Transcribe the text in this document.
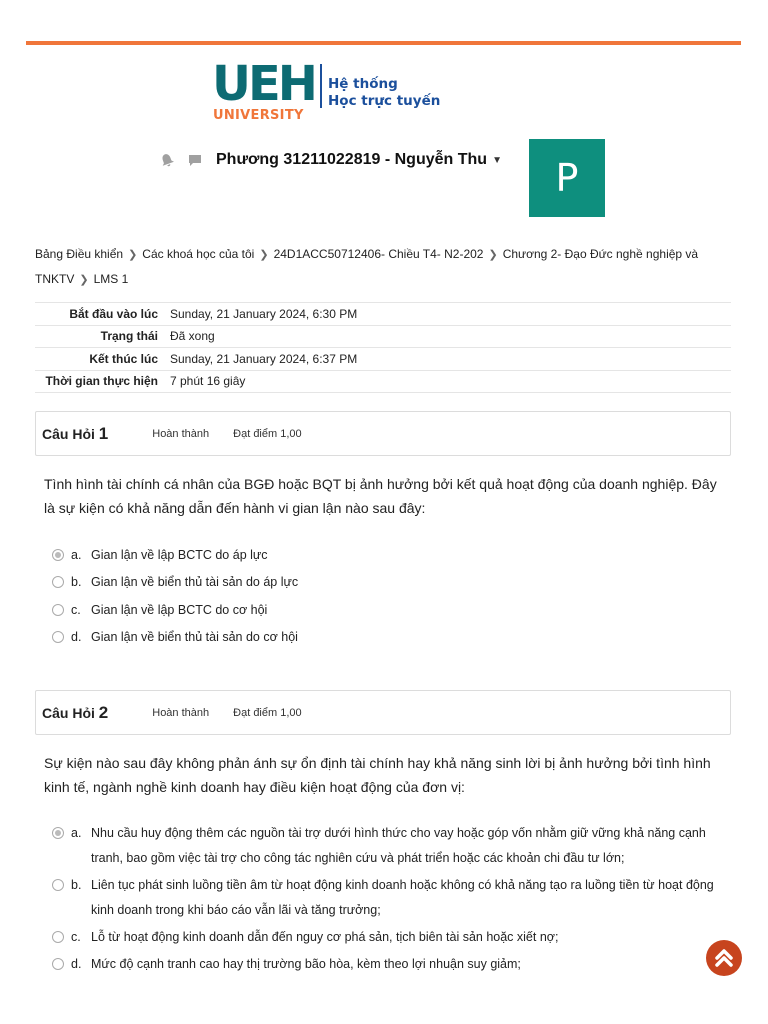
UEH
UNIVERSITY
Hệ thống
Học trực tuyến
Phương 31211022819 - Nguyễn Thu ▼	P
Bảng Điều khiển ❯ Các khoá học của tôi ❯ 24D1ACC50712406- Chiều T4- N2-202 ❯ Chương 2- Đạo Đức nghề nghiệp và TNKTV ❯ LMS 1
Bắt đầu vào lúc	Sunday, 21 January 2024, 6:30 PM
Trạng thái	Đã xong
Kết thúc lúc	Sunday, 21 January 2024, 6:37 PM
Thời gian thực hiện	7 phút 16 giây
Câu Hỏi 1	Hoàn thành Đạt điểm 1,00
Tình hình tài chính cá nhân của BGĐ hoặc BQT bị ảnh hưởng bởi kết quả hoạt động của doanh nghiệp. Đây là sự kiện có khả năng dẫn đến hành vi gian lận nào sau đây:
a. Gian lận về lập BCTC do áp lực
b. Gian lận về biển thủ tài sản do áp lực
c. Gian lận về lập BCTC do cơ hội
d. Gian lận về biển thủ tài sản do cơ hội
Câu Hỏi 2	Hoàn thành Đạt điểm 1,00
Sự kiện nào sau đây không phản ánh sự ổn định tài chính hay khả năng sinh lời bị ảnh hưởng bởi tình hình kinh tế, ngành nghề kinh doanh hay điều kiện hoạt động của đơn vị:
a. Nhu cầu huy động thêm các nguồn tài trợ dưới hình thức cho vay hoặc góp vốn nhằm giữ vững khả năng cạnh tranh, bao gồm việc tài trợ cho công tác nghiên cứu và phát triển hoặc các khoản chi đầu tư lớn;
b. Liên tục phát sinh luồng tiền âm từ hoạt động kinh doanh hoặc không có khả năng tạo ra luồng tiền từ hoạt động kinh doanh trong khi báo cáo vẫn lãi và tăng trưởng;
c. Lỗ từ hoạt động kinh doanh dẫn đến nguy cơ phá sản, tịch biên tài sản hoặc xiết nợ;
d. Mức độ cạnh tranh cao hay thị trường bão hòa, kèm theo lợi nhuận suy giảm;
